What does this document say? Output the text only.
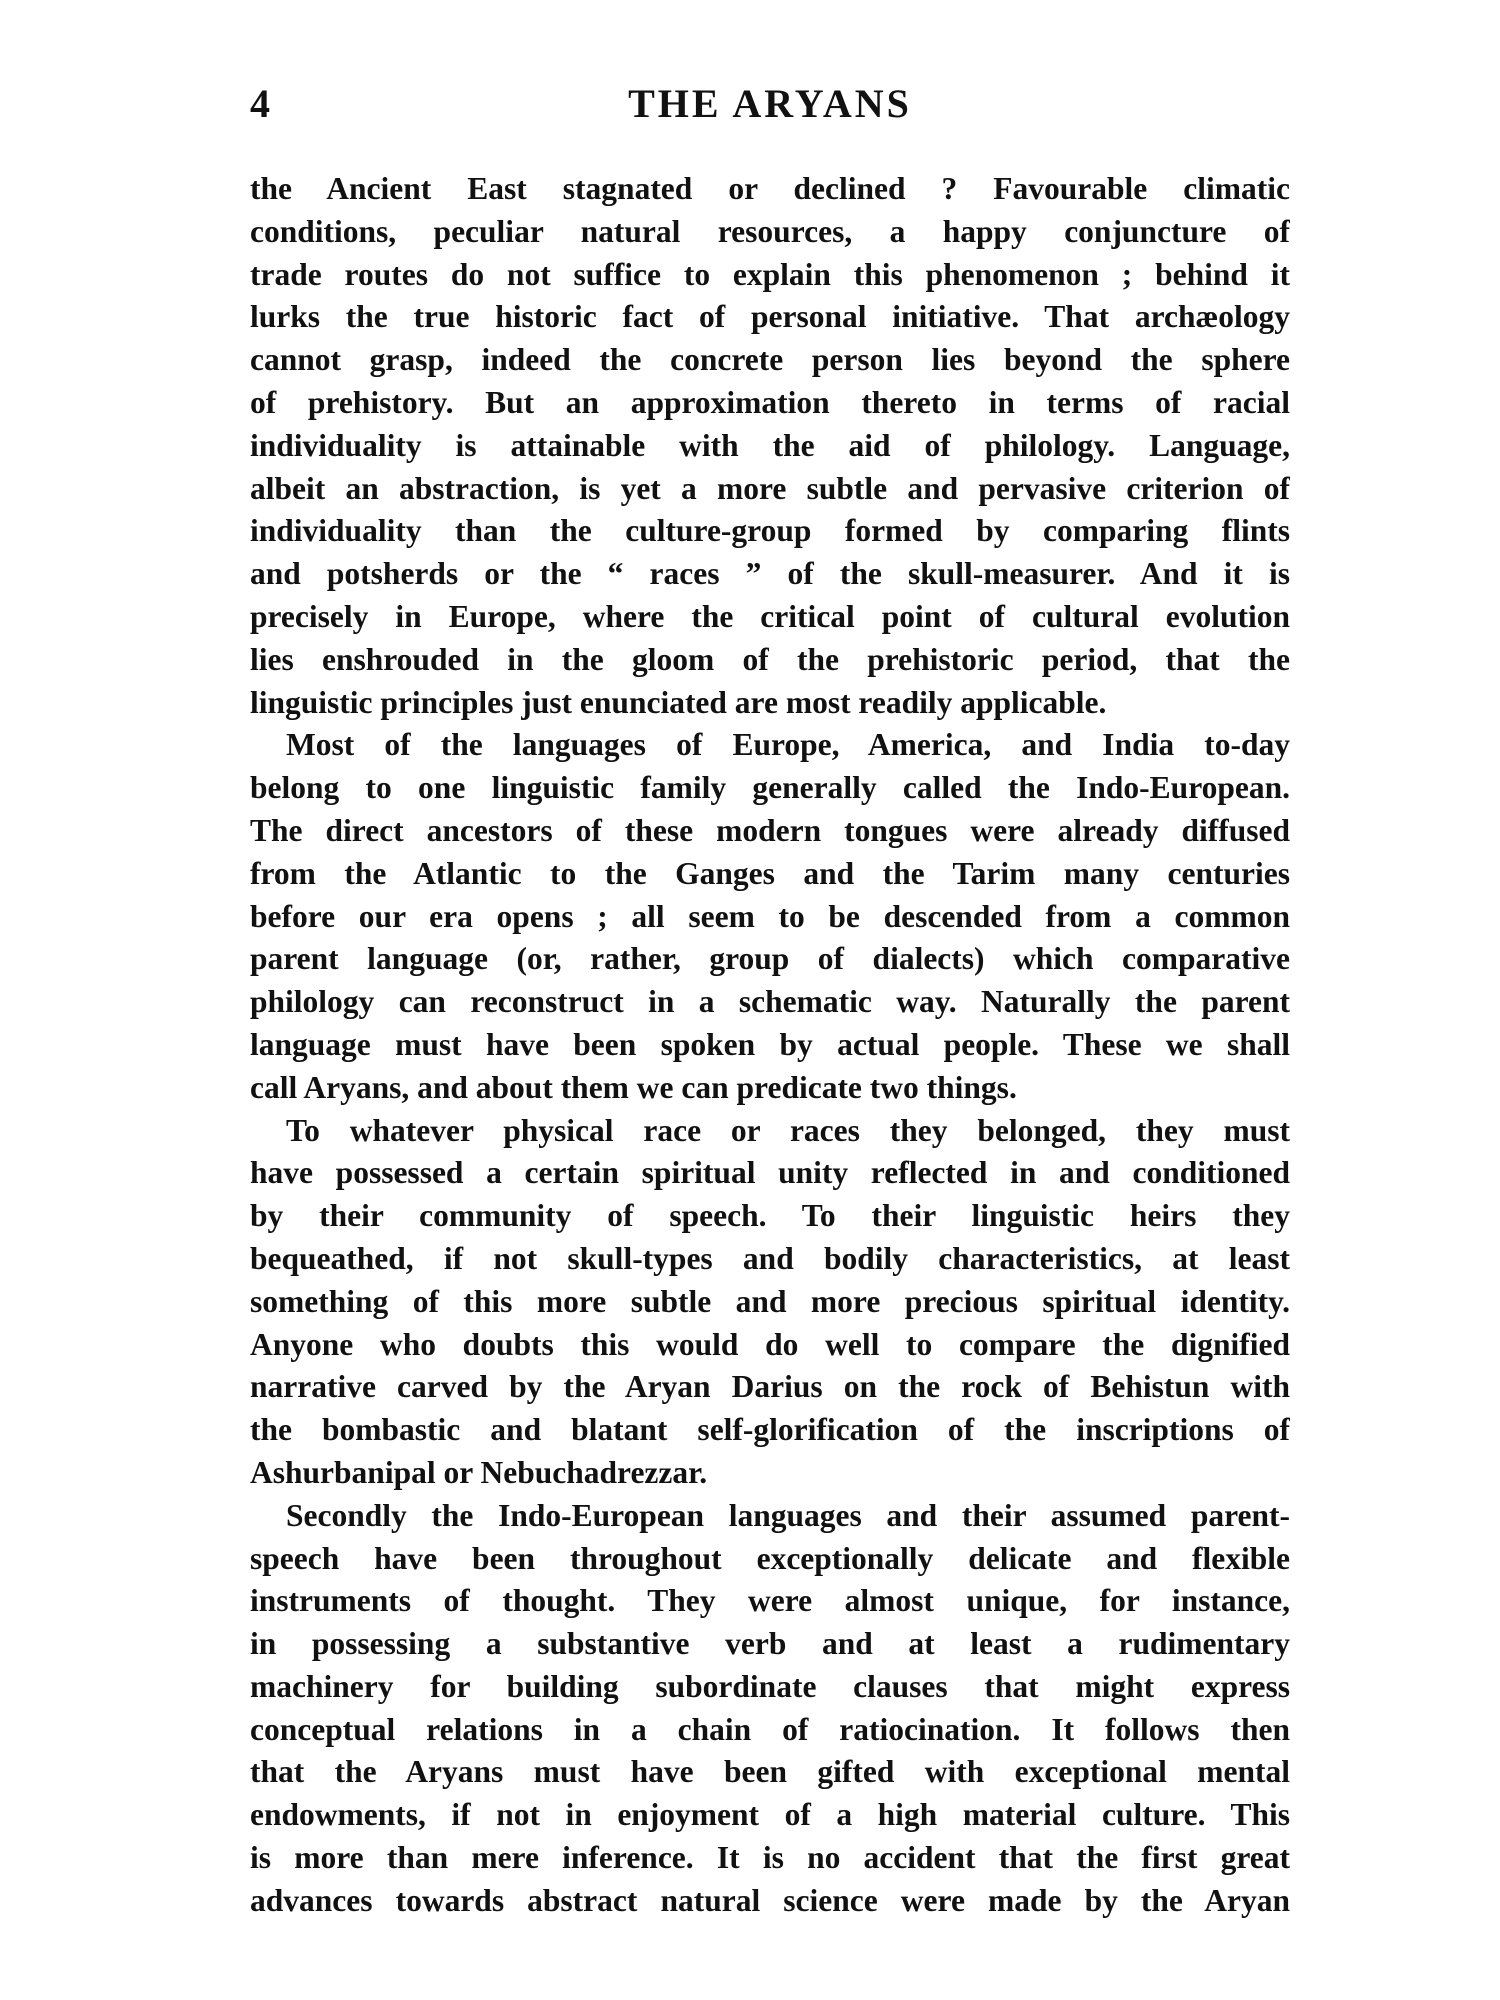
4	THE ARYANS
the Ancient East stagnated or declined ? Favourable climatic
conditions, peculiar natural resources, a happy conjuncture of
trade routes do not suffice to explain this phenomenon ; behind it
lurks the true historic fact of personal initiative. That archæology
cannot grasp, indeed the concrete person lies beyond the sphere
of prehistory. But an approximation thereto in terms of racial
individuality is attainable with the aid of philology. Language,
albeit an abstraction, is yet a more subtle and pervasive criterion of
individuality than the culture-group formed by comparing flints
and potsherds or the “ races ” of the skull-measurer. And it is
precisely in Europe, where the critical point of cultural evolution
lies enshrouded in the gloom of the prehistoric period, that the
linguistic principles just enunciated are most readily applicable.
Most of the languages of Europe, America, and India to-day
belong to one linguistic family generally called the Indo-European.
The direct ancestors of these modern tongues were already diffused
from the Atlantic to the Ganges and the Tarim many centuries
before our era opens ; all seem to be descended from a common
parent language (or, rather, group of dialects) which comparative
philology can reconstruct in a schematic way. Naturally the parent
language must have been spoken by actual people. These we shall
call Aryans, and about them we can predicate two things.
To whatever physical race or races they belonged, they must
have possessed a certain spiritual unity reflected in and conditioned
by their community of speech. To their linguistic heirs they
bequeathed, if not skull-types and bodily characteristics, at least
something of this more subtle and more precious spiritual identity.
Anyone who doubts this would do well to compare the dignified
narrative carved by the Aryan Darius on the rock of Behistun with
the bombastic and blatant self-glorification of the inscriptions of
Ashurbanipal or Nebuchadrezzar.
Secondly the Indo-European languages and their assumed parent-
speech have been throughout exceptionally delicate and flexible
instruments of thought. They were almost unique, for instance,
in possessing a substantive verb and at least a rudimentary
machinery for building subordinate clauses that might express
conceptual relations in a chain of ratiocination. It follows then
that the Aryans must have been gifted with exceptional mental
endowments, if not in enjoyment of a high material culture. This
is more than mere inference. It is no accident that the first great
advances towards abstract natural science were made by the Aryan
